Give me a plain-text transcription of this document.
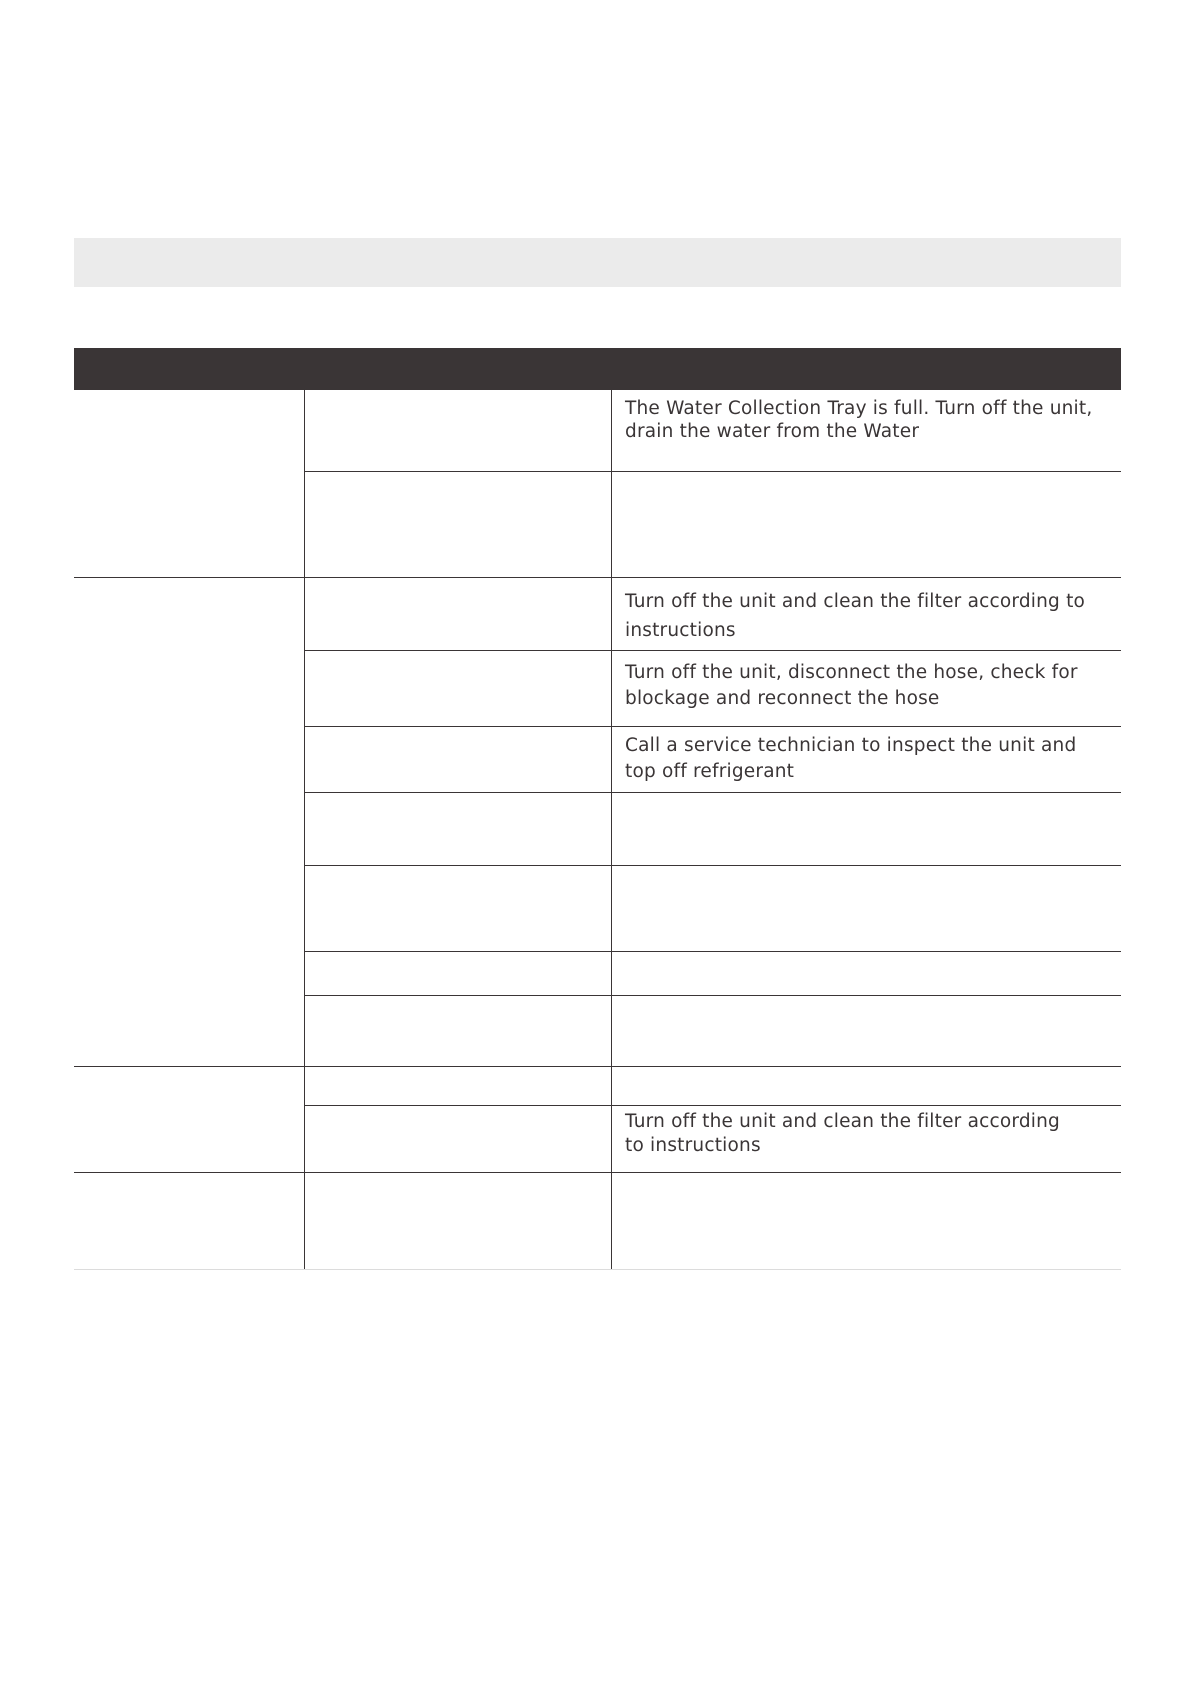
The Water Collection Tray is full. Turn off the unit,
drain the water from the Water
Turn off the unit and clean the filter according to
instructions
Turn off the unit, disconnect the hose, check for
blockage and reconnect the hose
Call a service technician to inspect the unit and
top off refrigerant
Turn off the unit and clean the filter according
to instructions
